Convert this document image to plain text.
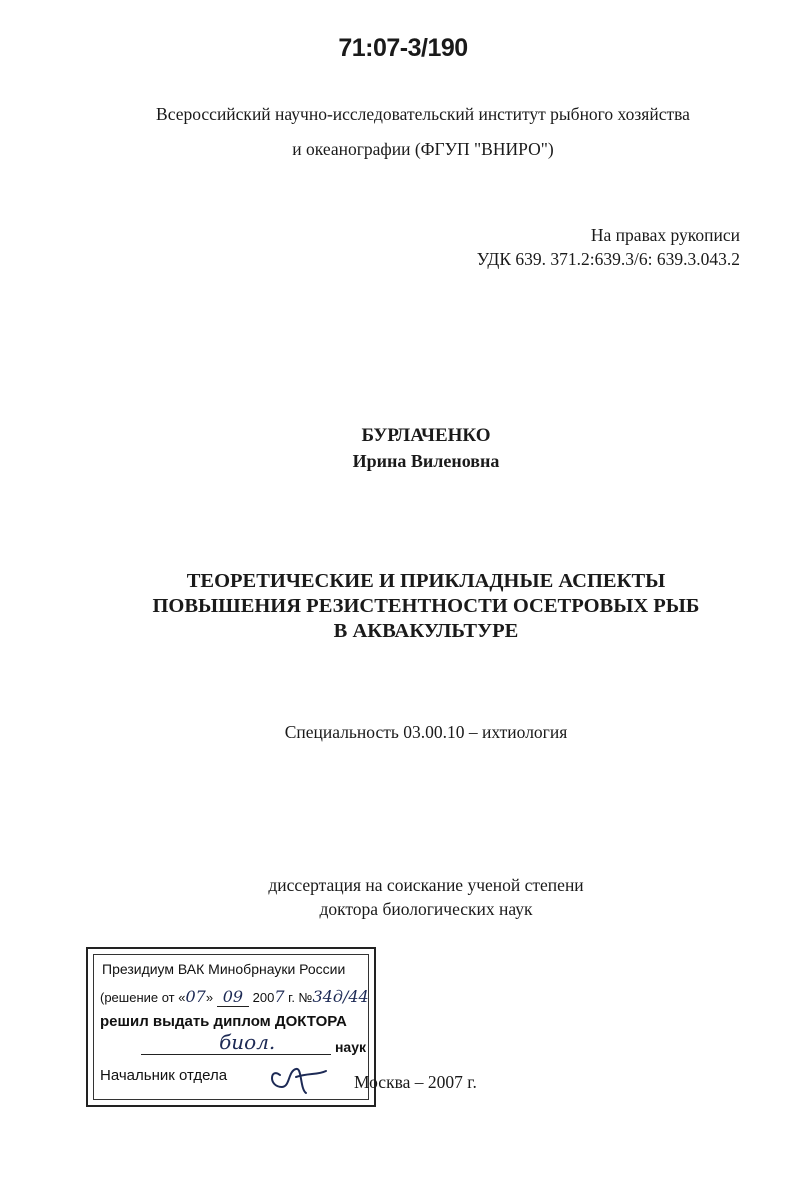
71:07-3/190
Всероссийский научно-исследовательский институт рыбного хозяйства
и океанографии (ФГУП "ВНИРО")
На правах рукописи
УДК 639. 371.2:639.3/6: 639.3.043.2
БУРЛАЧЕНКО
Ирина Виленовна
ТЕОРЕТИЧЕСКИЕ И ПРИКЛАДНЫЕ АСПЕКТЫ
ПОВЫШЕНИЯ РЕЗИСТЕНТНОСТИ ОСЕТРОВЫХ РЫБ
В АКВАКУЛЬТУРЕ
Специальность 03.00.10 – ихтиология
диссертация на соискание ученой степени
доктора биологических наук
Президиум ВАК Минобрнауки России
(решение от «07» 09 2007 г. №34д/44
решил выдать диплом ДОКТОРА
биол.	наук
Начальник отдела	Москва – 2007 г.
